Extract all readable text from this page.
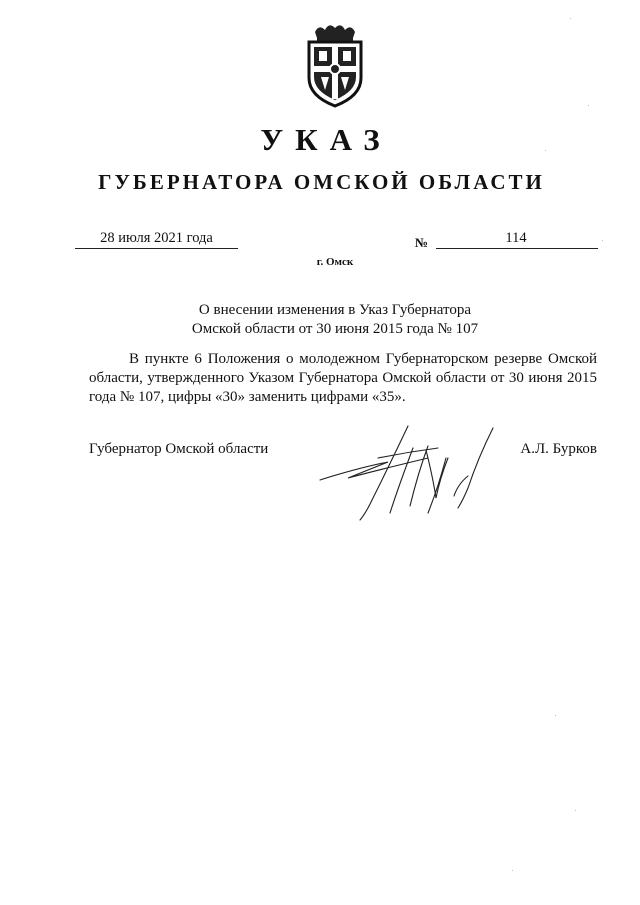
УКАЗ
ГУБЕРНАТОРА ОМСКОЙ ОБЛАСТИ
28 июля 2021 года	№	114
г. Омск
О внесении изменения в Указ Губернатора
Омской области от 30 июня 2015 года № 107
В пункте 6 Положения о молодежном Губернаторском резерве Омской области, утвержденного Указом Губернатора Омской области от 30 июня 2015 года № 107, цифры «30» заменить цифрами «35».
Губернатор Омской области	А.Л. Бурков
